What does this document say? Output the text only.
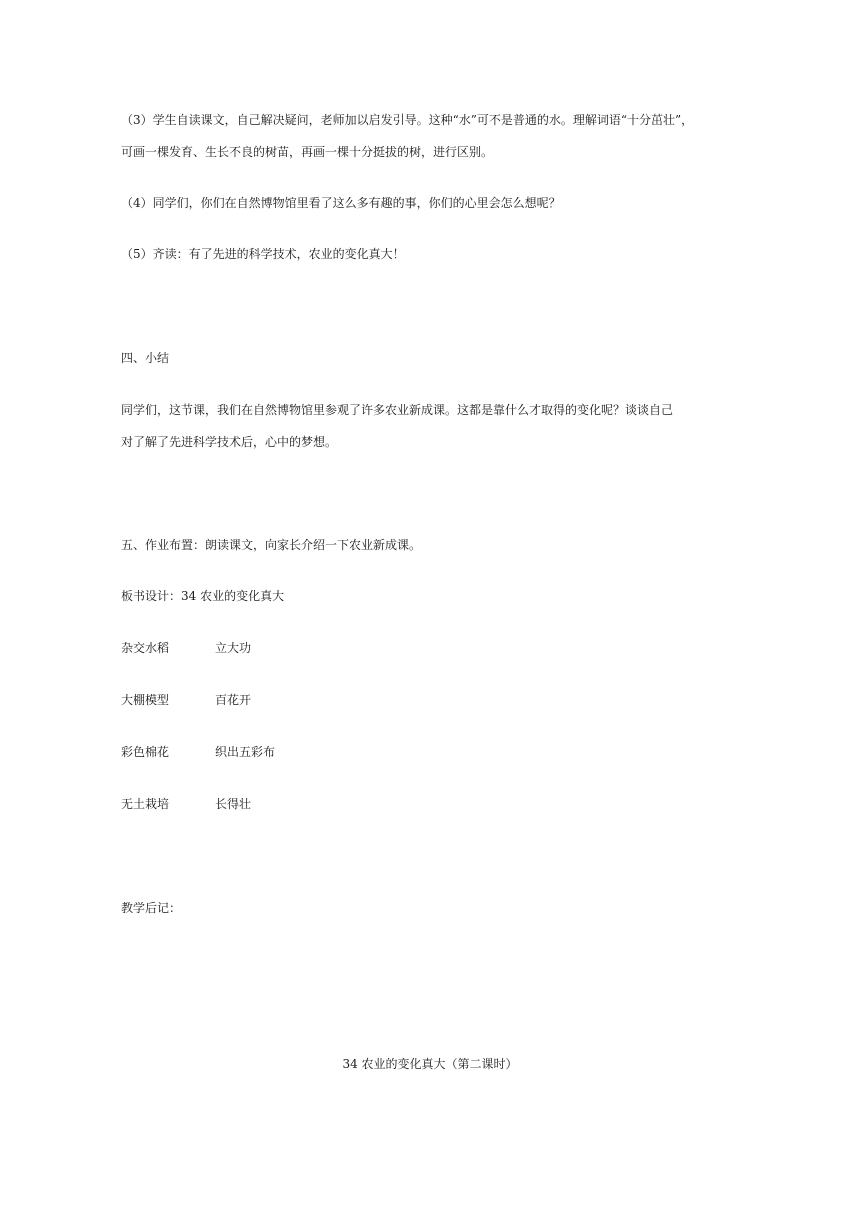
（3）学生自读课文，自己解决疑问，老师加以启发引导。这种“水”可不是普通的水。理解词语“十分茁壮”，
可画一棵发育、生长不良的树苗，再画一棵十分挺拔的树，进行区别。
（4）同学们，你们在自然博物馆里看了这么多有趣的事，你们的心里会怎么想呢？
（5）齐读：有了先进的科学技术，农业的变化真大！
四、小结
同学们，这节课，我们在自然博物馆里参观了许多农业新成课。这都是靠什么才取得的变化呢？谈谈自己
对了解了先进科学技术后，心中的梦想。
五、作业布置：朗读课文，向家长介绍一下农业新成课。
板书设计：34 农业的变化真大
杂交水稻	立大功
大棚模型	百花开
彩色棉花	织出五彩布
无土栽培	长得壮
教学后记：
34 农业的变化真大（第二课时）
